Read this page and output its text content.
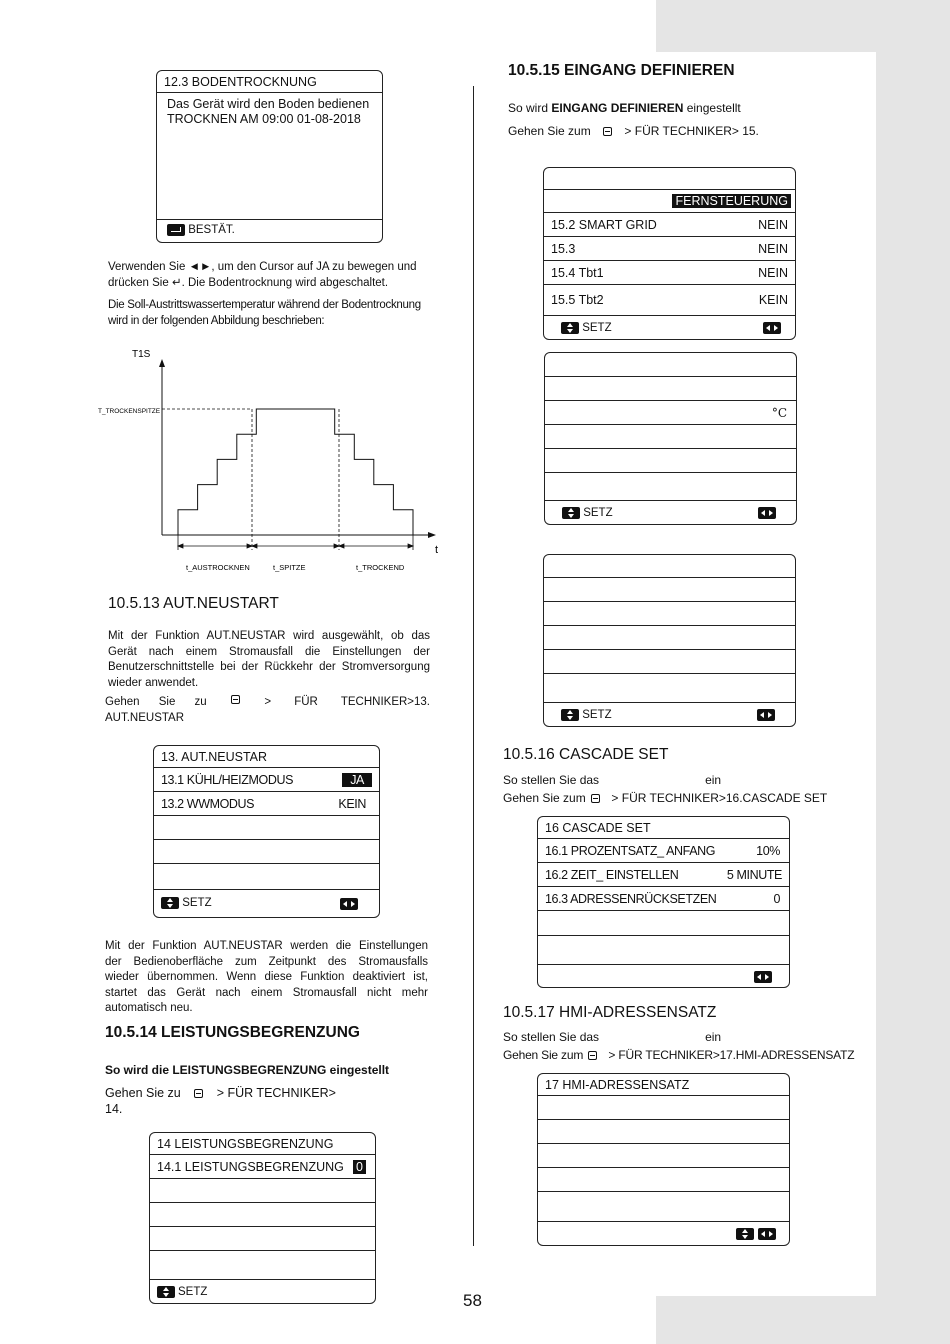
12.3 BODENTROCKNUNG
Das Gerät wird den Boden bedienen
TROCKNEN AM 09:00 01-08-2018
BESTÄT.
Verwenden Sie ◄►, um den Cursor auf JA zu bewegen und
drücken Sie ↵. Die Bodentrocknung wird abgeschaltet.
Die Soll-Austrittswassertemperatur während der Bodentrocknung
wird in der folgenden Abbildung beschrieben:
T1S
t
T_TROCKENSPITZE
t_AUSTROCKNEN	t_SPITZE	t_TROCKEND
10.5.13 AUT.NEUSTART
Mit der Funktion AUT.NEUSTAR wird ausgewählt, ob das
Gerät nach einem Stromausfall die Einstellungen der
Benutzerschnittstelle bei der Rückkehr der Stromversorgung
wieder anwendet.
Gehen Sie zu	> FÜR TECHNIKER>13.
AUT.NEUSTAR
13. AUT.NEUSTAR
13.1 KÜHL/HEIZMODUS	JA
13.2 WWMODUS	KEIN
SETZ
Mit der Funktion AUT.NEUSTAR werden die Einstellungen
der Bedienoberfläche zum Zeitpunkt des Stromausfalls
wieder übernommen. Wenn diese Funktion deaktiviert ist,
startet das Gerät nach einem Stromausfall nicht mehr
automatisch neu.
10.5.14 LEISTUNGSBEGRENZUNG
So wird die LEISTUNGSBEGRENZUNG eingestellt
Gehen Sie zu	> FÜR TECHNIKER>
14.
14 LEISTUNGSBEGRENZUNG
14.1 LEISTUNGSBEGRENZUNG 0
SETZ
10.5.15 EINGANG DEFINIEREN
So wird EINGANG DEFINIEREN eingestellt
Gehen Sie zum	> FÜR TECHNIKER> 15.
FERNSTEUERUNG
15.2 SMART GRID	NEIN
15.3	NEIN
15.4 Tbt1	NEIN
15.5 Tbt2	KEIN
SETZ
°C
SETZ
SETZ
10.5.16 CASCADE SET
So stellen Sie das	ein
Gehen Sie zum > FÜR TECHNIKER>16.CASCADE SET
16 CASCADE SET
16.1 PROZENTSATZ_ ANFANG	10%
16.2 ZEIT_ EINSTELLEN	5 MINUTE
16.3 ADRESSENRÜCKSETZEN	0
10.5.17 HMI-ADRESSENSATZ
So stellen Sie das	ein
Gehen Sie zum > FÜR TECHNIKER>17.HMI-ADRESSENSATZ
17 HMI-ADRESSENSATZ
58
